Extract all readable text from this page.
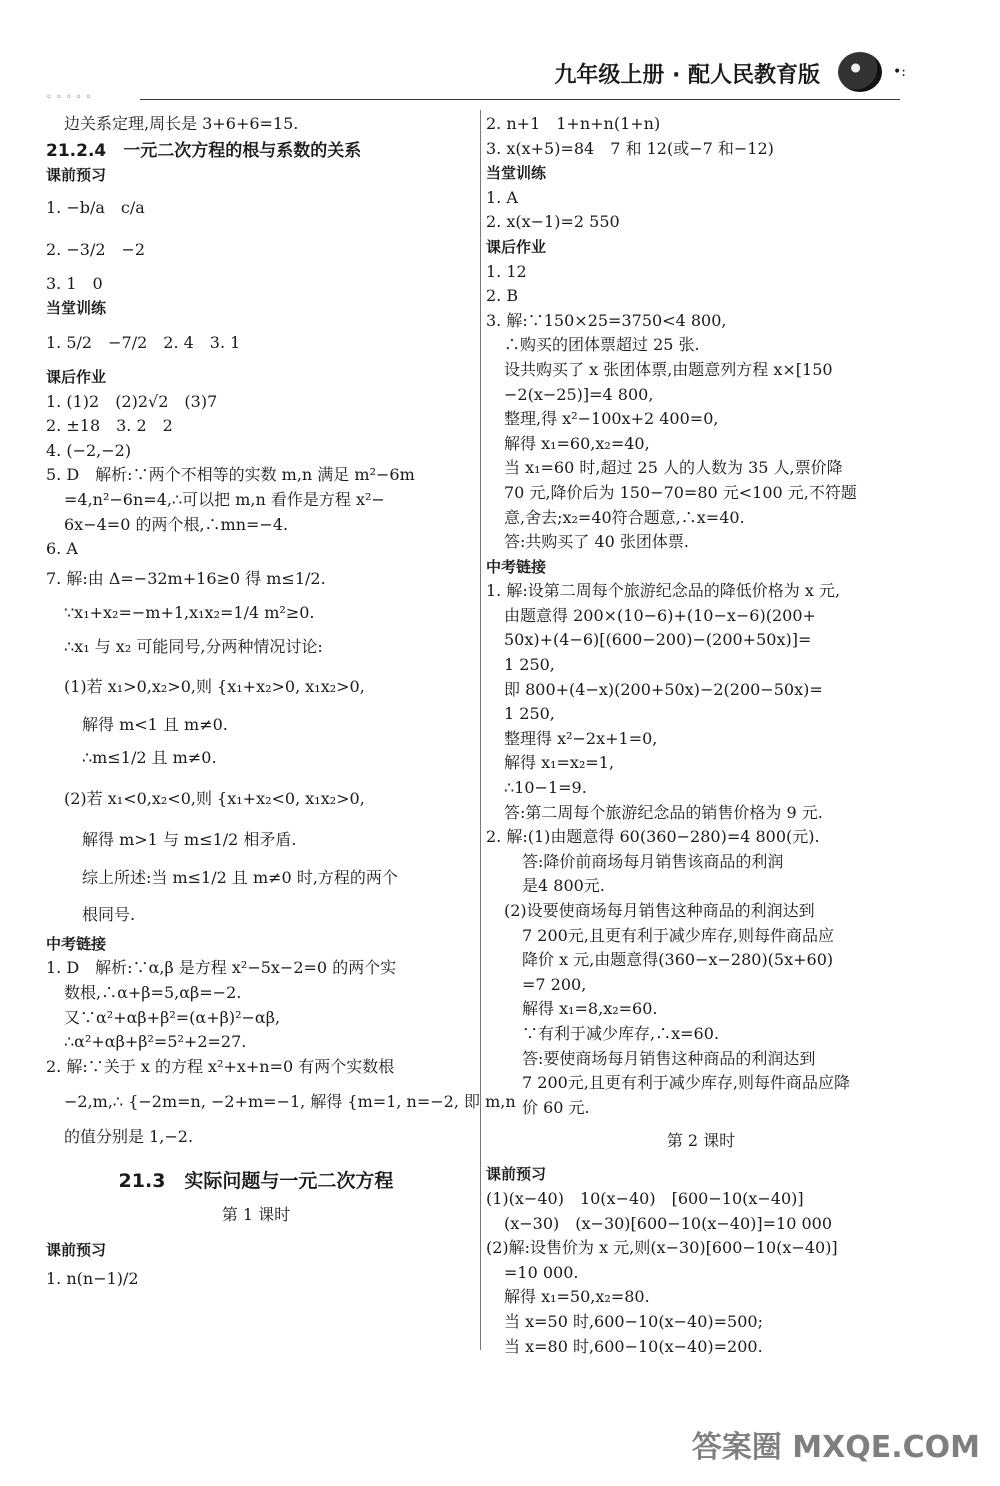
◦◦◦◦◦
九年级上册 · 配人民教育版	•:
边关系定理,周长是 3+6+6=15.
21.2.4　一元二次方程的根与系数的关系
课前预习
1. −b/a　c/a
2. −3/2　−2
3. 1　0
当堂训练
1. 5/2　−7/2　2. 4　3. 1
课后作业
1. (1)2　(2)2√2　(3)7
2. ±18　3. 2　2
4. (−2,−2)
5. D　解析:∵两个不相等的实数 m,n 满足 m²−6m
=4,n²−6n=4,∴可以把 m,n 看作是方程 x²−
6x−4=0 的两个根,∴mn=−4.
6. A
7. 解:由 Δ=−32m+16≥0 得 m≤1/2.
∵x₁+x₂=−m+1,x₁x₂=1/4 m²≥0.
∴x₁ 与 x₂ 可能同号,分两种情况讨论:
(1)若 x₁>0,x₂>0,则 {x₁+x₂>0, x₁x₂>0,
解得 m<1 且 m≠0.
∴m≤1/2 且 m≠0.
(2)若 x₁<0,x₂<0,则 {x₁+x₂<0, x₁x₂>0,
解得 m>1 与 m≤1/2 相矛盾.
综上所述:当 m≤1/2 且 m≠0 时,方程的两个
根同号.
中考链接
1. D　解析:∵α,β 是方程 x²−5x−2=0 的两个实
数根,∴α+β=5,αβ=−2.
又∵α²+αβ+β²=(α+β)²−αβ,
∴α²+αβ+β²=5²+2=27.
2. 解:∵关于 x 的方程 x²+x+n=0 有两个实数根
−2,m,∴ {−2m=n, −2+m=−1, 解得 {m=1, n=−2, 即 m,n
的值分别是 1,−2.
21.3　实际问题与一元二次方程
第 1 课时
课前预习
1. n(n−1)/2
2. n+1　1+n+n(1+n)
3. x(x+5)=84　7 和 12(或−7 和−12)
当堂训练
1. A
2. x(x−1)=2 550
课后作业
1. 12
2. B
3. 解:∵150×25=3750<4 800,
∴购买的团体票超过 25 张.
设共购买了 x 张团体票,由题意列方程 x×[150
−2(x−25)]=4 800,
整理,得 x²−100x+2 400=0,
解得 x₁=60,x₂=40,
当 x₁=60 时,超过 25 人的人数为 35 人,票价降
70 元,降价后为 150−70=80 元<100 元,不符题
意,舍去;x₂=40符合题意,∴x=40.
答:共购买了 40 张团体票.
中考链接
1. 解:设第二周每个旅游纪念品的降低价格为 x 元,
由题意得 200×(10−6)+(10−x−6)(200+
50x)+(4−6)[(600−200)−(200+50x)]=
1 250,
即 800+(4−x)(200+50x)−2(200−50x)=
1 250,
整理得 x²−2x+1=0,
解得 x₁=x₂=1,
∴10−1=9.
答:第二周每个旅游纪念品的销售价格为 9 元.
2. 解:(1)由题意得 60(360−280)=4 800(元).
答:降价前商场每月销售该商品的利润
是4 800元.
(2)设要使商场每月销售这种商品的利润达到
7 200元,且更有利于减少库存,则每件商品应
降价 x 元,由题意得(360−x−280)(5x+60)
=7 200,
解得 x₁=8,x₂=60.
∵有利于减少库存,∴x=60.
答:要使商场每月销售这种商品的利润达到
7 200元,且更有利于减少库存,则每件商品应降
价 60 元.
第 2 课时
课前预习
(1)(x−40)　10(x−40)　[600−10(x−40)]
(x−30)　(x−30)[600−10(x−40)]=10 000
(2)解:设售价为 x 元,则(x−30)[600−10(x−40)]
=10 000.
解得 x₁=50,x₂=80.
当 x=50 时,600−10(x−40)=500;
当 x=80 时,600−10(x−40)=200.
答案圈 MXQE.COM
